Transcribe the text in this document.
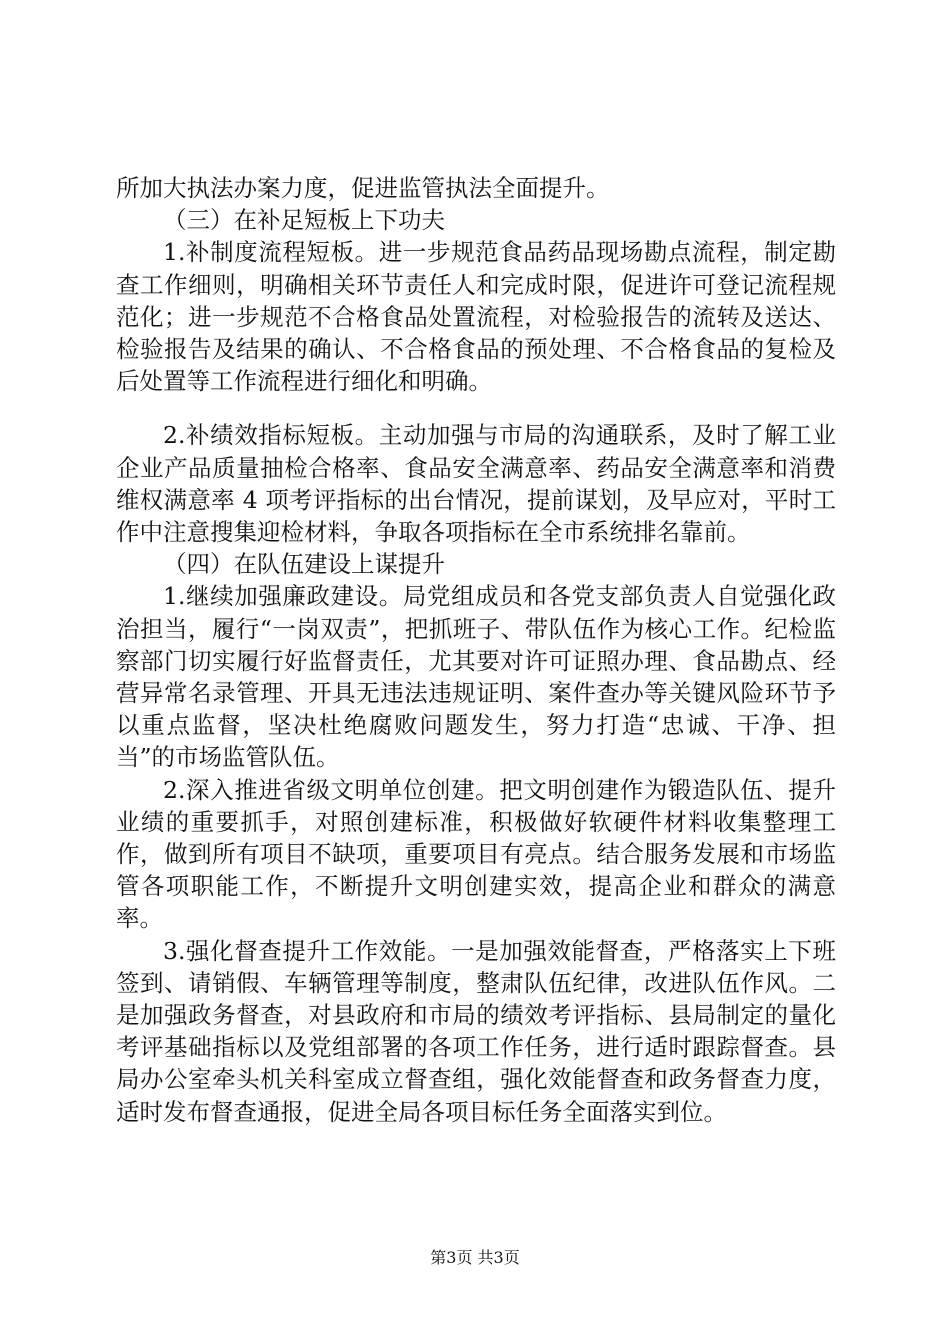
所加大执法办案力度，促进监管执法全面提升。

（三）在补足短板上下功夫

1.补制度流程短板。进一步规范食品药品现场勘点流程，制定勘查工作细则，明确相关环节责任人和完成时限，促进许可登记流程规范化；进一步规范不合格食品处置流程，对检验报告的流转及送达、检验报告及结果的确认、不合格食品的预处理、不合格食品的复检及后处置等工作流程进行细化和明确。

2.补绩效指标短板。主动加强与市局的沟通联系，及时了解工业企业产品质量抽检合格率、食品安全满意率、药品安全满意率和消费维权满意率 4 项考评指标的出台情况，提前谋划，及早应对，平时工作中注意搜集迎检材料，争取各项指标在全市系统排名靠前。

（四）在队伍建设上谋提升

1.继续加强廉政建设。局党组成员和各党支部负责人自觉强化政治担当，履行“一岗双责”，把抓班子、带队伍作为核心工作。纪检监察部门切实履行好监督责任，尤其要对许可证照办理、食品勘点、经营异常名录管理、开具无违法违规证明、案件查办等关键风险环节予以重点监督，坚决杜绝腐败问题发生，努力打造“忠诚、干净、担当”的市场监管队伍。

2.深入推进省级文明单位创建。把文明创建作为锻造队伍、提升业绩的重要抓手，对照创建标准，积极做好软硬件材料收集整理工作，做到所有项目不缺项，重要项目有亮点。结合服务发展和市场监管各项职能工作，不断提升文明创建实效，提高企业和群众的满意率。

3.强化督查提升工作效能。一是加强效能督查，严格落实上下班签到、请销假、车辆管理等制度，整肃队伍纪律，改进队伍作风。二是加强政务督查，对县政府和市局的绩效考评指标、县局制定的量化考评基础指标以及党组部署的各项工作任务，进行适时跟踪督查。县局办公室牵头机关科室成立督查组，强化效能督查和政务督查力度，适时发布督查通报，促进全局各项目标任务全面落实到位。

第3页 共3页
